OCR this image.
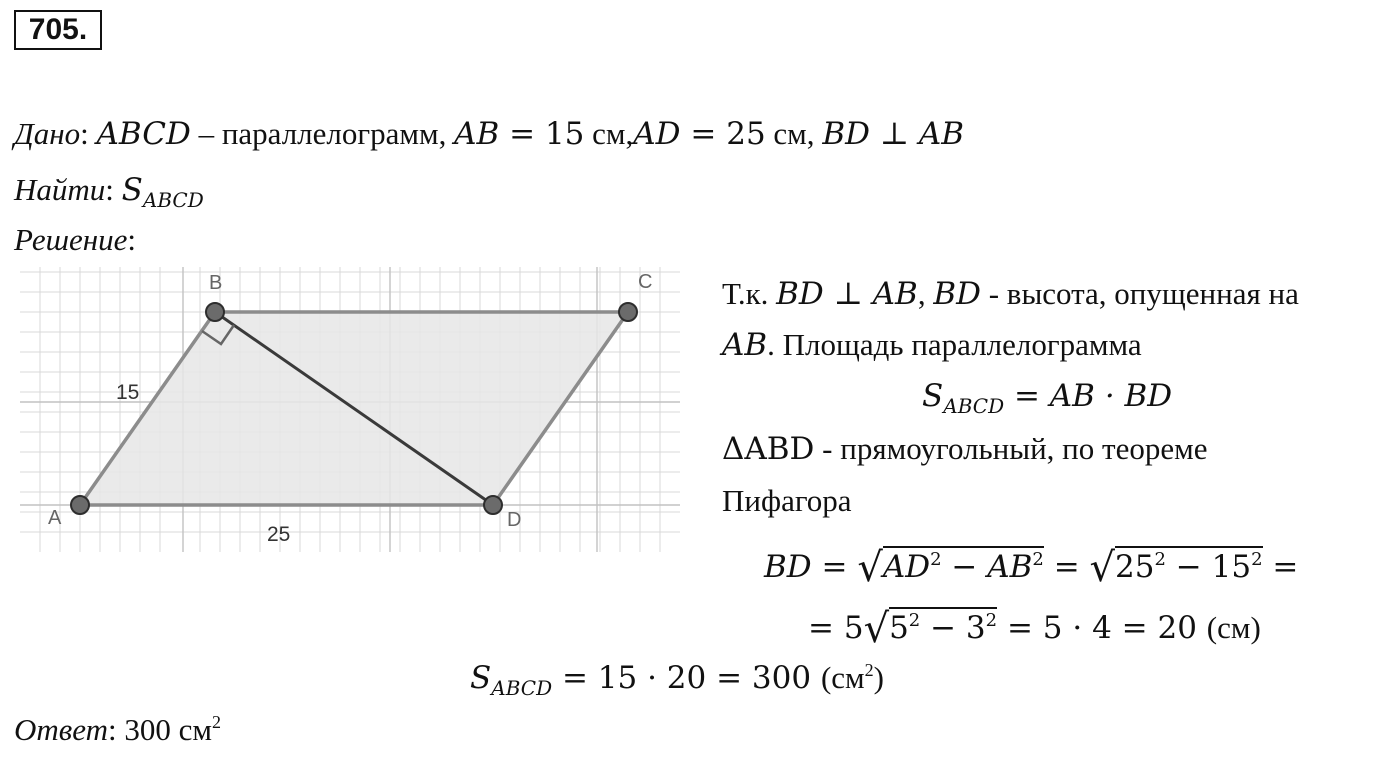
705.
Дано: ABCD – параллелограмм, AB = 15 см,AD = 25 см, BD ⊥ AB
Найти: $S_{ABCD}$
Решение:
A
B	C
D
15
25
Т.к. BD ⊥ AB, BD - высота, опущенная на
AB. Площадь параллелограмма
$S_{ABCD}$ = AB · BD
ΔABD - прямоугольный, по теореме
Пифагора
BD = $√AD^2 - AB^2 = √25^2 - 15^2$ =
= $5√5^2 - 3^2 = 5 \cdot 4 = 20$ (см)
$S_{ABCD} = 15 \cdot 20 = 300$ $(см^2)$
Ответ: 300 $см^2$
